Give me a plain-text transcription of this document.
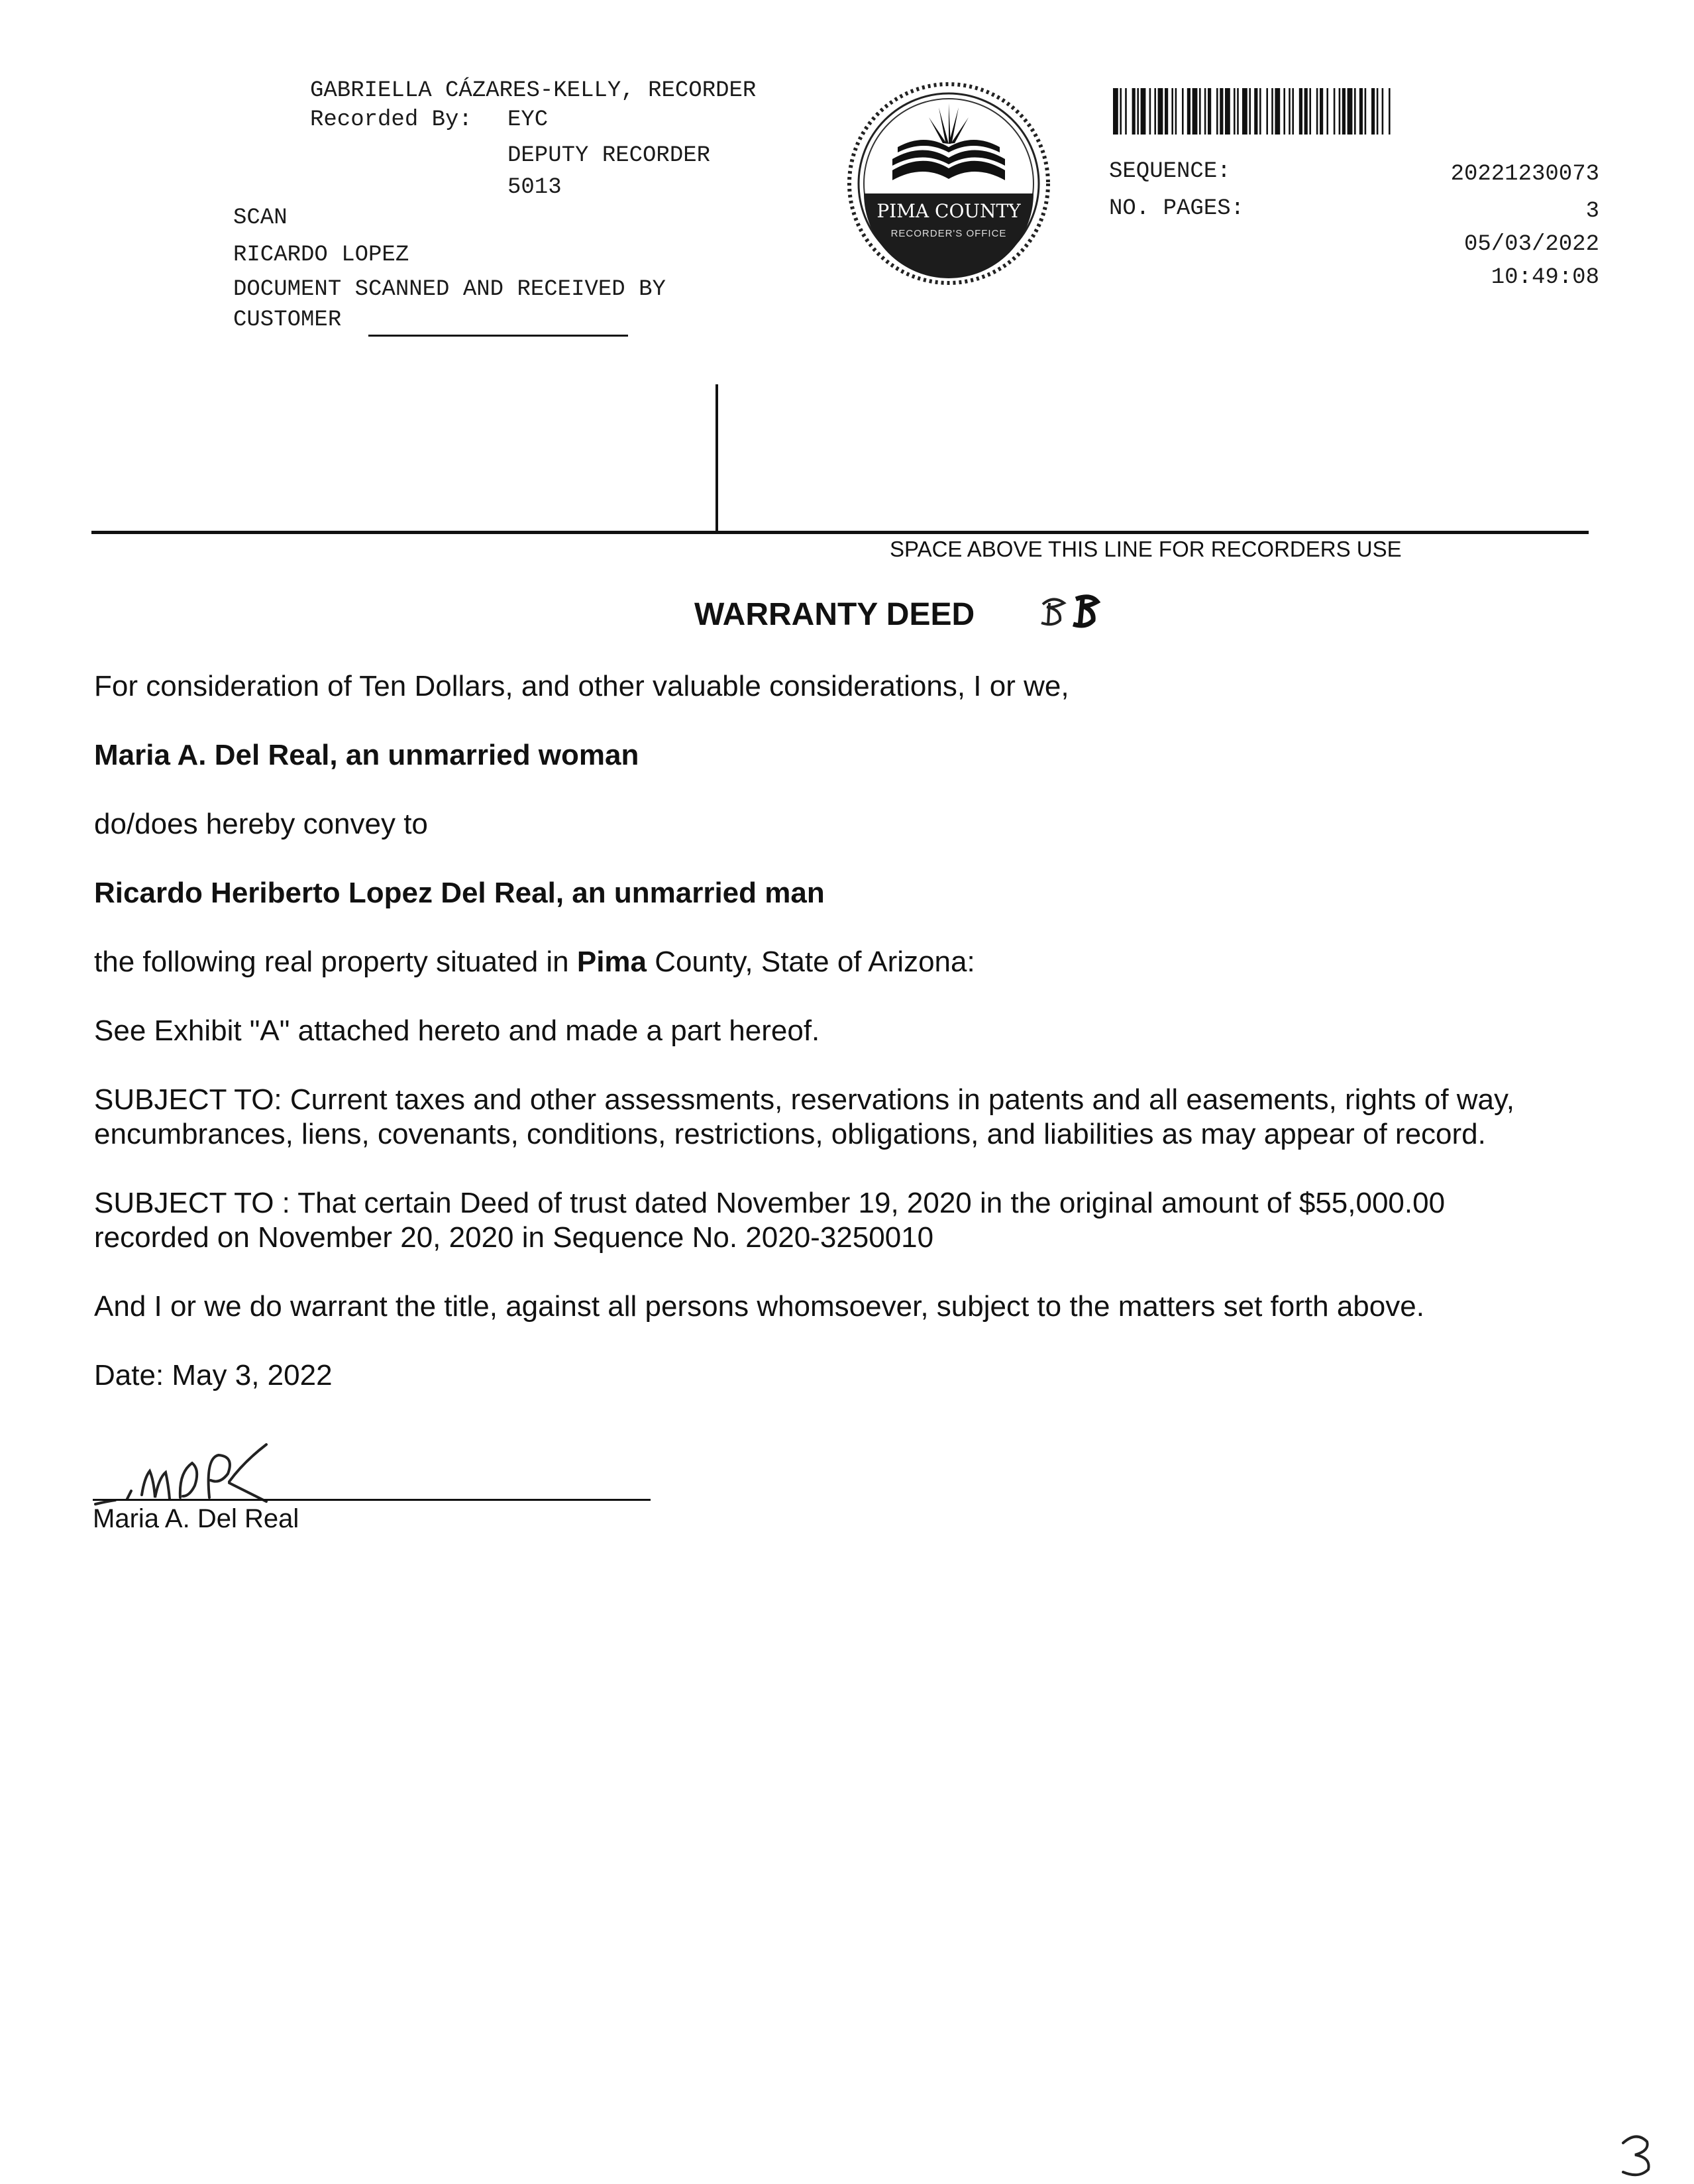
GABRIELLA CÁZARES-KELLY, RECORDER
Recorded By: EYC
DEPUTY RECORDER
5013
SCAN
RICARDO LOPEZ
DOCUMENT SCANNED AND RECEIVED BY
CUSTOMER
PIMA COUNTY
RECORDER'S OFFICE
SEQUENCE:	20221230073
NO. PAGES:	3
05/03/2022
10:49:08
SPACE ABOVE THIS LINE FOR RECORDERS USE
WARRANTY DEED
For consideration of Ten Dollars, and other valuable considerations, I or we,
Maria A. Del Real, an unmarried woman
do/does hereby convey to
Ricardo Heriberto Lopez Del Real, an unmarried man
the following real property situated in Pima County, State of Arizona:
See Exhibit "A" attached hereto and made a part hereof.
SUBJECT TO: Current taxes and other assessments, reservations in patents and all easements, rights of way,
encumbrances, liens, covenants, conditions, restrictions, obligations, and liabilities as may appear of record.
SUBJECT TO : That certain Deed of trust dated November 19, 2020 in the original amount of $55,000.00
recorded on November 20, 2020 in Sequence No. 2020-3250010
And I or we do warrant the title, against all persons whomsoever, subject to the matters set forth above.
Date: May 3, 2022
Maria A. Del Real
